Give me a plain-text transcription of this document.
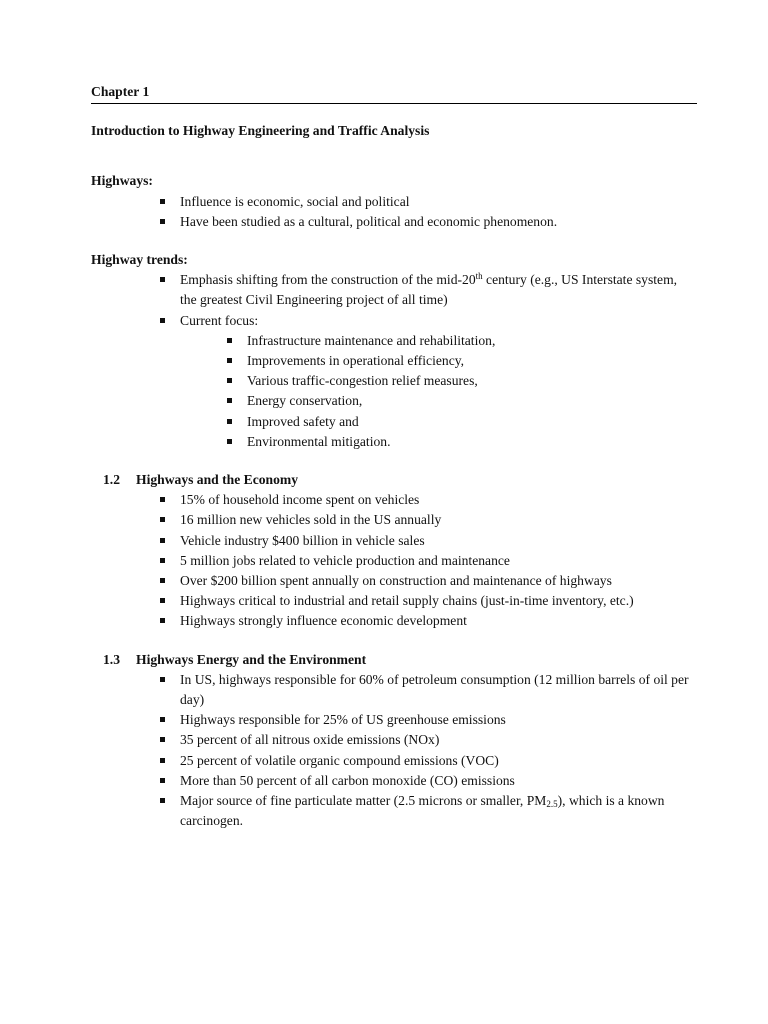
Chapter 1
Introduction to Highway Engineering and Traffic Analysis
Highways:
Influence is economic, social and political
Have been studied as a cultural, political and economic phenomenon.
Highway trends:
Emphasis shifting from the construction of the mid-20th century (e.g., US Interstate system, the greatest Civil Engineering project of all time)
Current focus:
Infrastructure maintenance and rehabilitation,
Improvements in operational efficiency,
Various traffic-congestion relief measures,
Energy conservation,
Improved safety and
Environmental mitigation.
1.2	Highways and the Economy
15% of household income spent on vehicles
16 million new vehicles sold in the US annually
Vehicle industry $400 billion in vehicle sales
5 million jobs related to vehicle production and maintenance
Over $200 billion spent annually on construction and maintenance of highways
Highways critical to industrial and retail supply chains (just-in-time inventory, etc.)
Highways strongly influence economic development
1.3	Highways Energy and the Environment
In US, highways responsible for 60% of petroleum consumption (12 million barrels of oil per day)
Highways responsible for 25% of US greenhouse emissions
35 percent of all nitrous oxide emissions (NOx)
25 percent of volatile organic compound emissions (VOC)
More than 50 percent of all carbon monoxide (CO) emissions
Major source of fine particulate matter (2.5 microns or smaller, $PM_{2.5}$), which is a known carcinogen.
